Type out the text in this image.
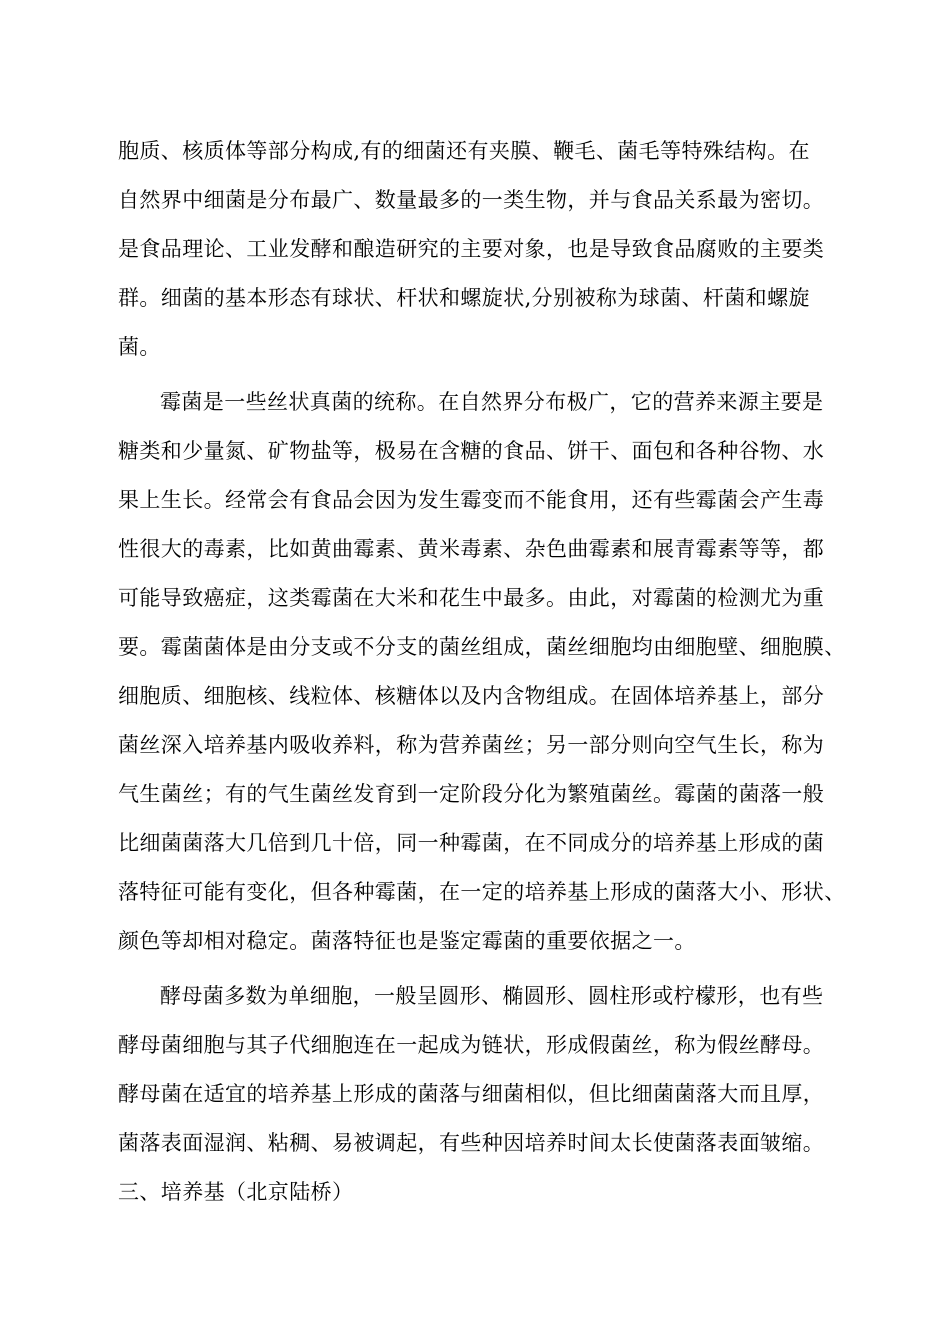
胞质、核质体等部分构成,有的细菌还有夹膜、鞭毛、菌毛等特殊结构。在
自然界中细菌是分布最广、数量最多的一类生物，并与食品关系最为密切。
是食品理论、工业发酵和酿造研究的主要对象，也是导致食品腐败的主要类
群。细菌的基本形态有球状、杆状和螺旋状,分别被称为球菌、杆菌和螺旋
菌。
霉菌是一些丝状真菌的统称。在自然界分布极广，它的营养来源主要是
糖类和少量氮、矿物盐等，极易在含糖的食品、饼干、面包和各种谷物、水
果上生长。经常会有食品会因为发生霉变而不能食用，还有些霉菌会产生毒
性很大的毒素，比如黄曲霉素、黄米毒素、杂色曲霉素和展青霉素等等，都
可能导致癌症，这类霉菌在大米和花生中最多。由此，对霉菌的检测尤为重
要。霉菌菌体是由分支或不分支的菌丝组成，菌丝细胞均由细胞壁、细胞膜、
细胞质、细胞核、线粒体、核糖体以及内含物组成。在固体培养基上，部分
菌丝深入培养基内吸收养料，称为营养菌丝；另一部分则向空气生长，称为
气生菌丝；有的气生菌丝发育到一定阶段分化为繁殖菌丝。霉菌的菌落一般
比细菌菌落大几倍到几十倍，同一种霉菌，在不同成分的培养基上形成的菌
落特征可能有变化，但各种霉菌，在一定的培养基上形成的菌落大小、形状、
颜色等却相对稳定。菌落特征也是鉴定霉菌的重要依据之一。
酵母菌多数为单细胞，一般呈圆形、椭圆形、圆柱形或柠檬形，也有些
酵母菌细胞与其子代细胞连在一起成为链状，形成假菌丝，称为假丝酵母。
酵母菌在适宜的培养基上形成的菌落与细菌相似，但比细菌菌落大而且厚，
菌落表面湿润、粘稠、易被调起，有些种因培养时间太长使菌落表面皱缩。
三、培养基（北京陆桥）
